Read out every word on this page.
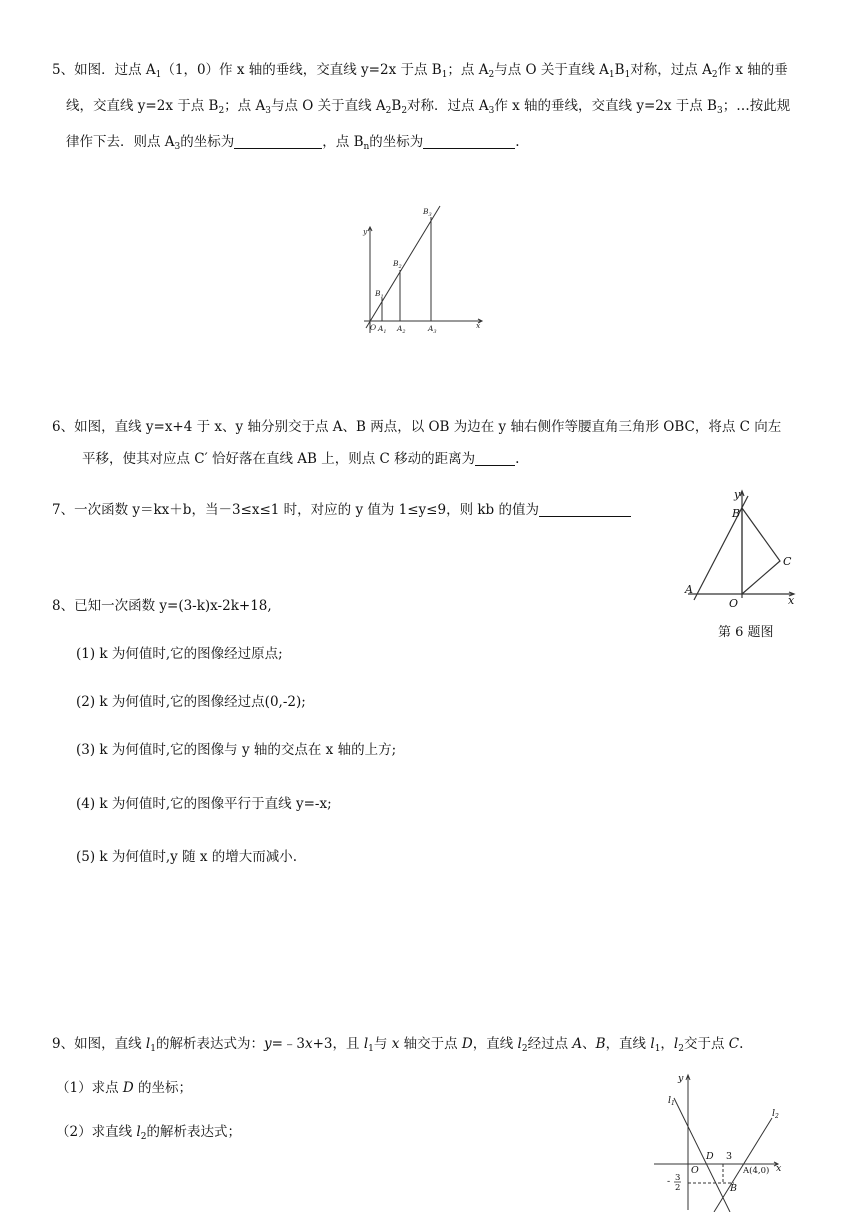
5、如图．过点 $A_1(1$，0）作 x 轴的垂线，交直线 y=2x 于点 $B_1$；点 $A_2$与点 O 关于直线 $A_1B_1$对称，过点 $A_2$作 x 轴的垂
线，交直线 y=2x 于点 $B_2$；点 $A_3$与点 O 关于直线 $A_2B_2$对称．过点 $A_3$作 x 轴的垂线，交直线 y=2x 于点 $B_3$；…按此规
律作下去．则点 $A_3$的坐标为	，点 $B_n$的坐标为	.
y
x
O $A_1$ $A_2$	$A_3$
$B_1$
$B_2$
$B_3$
6、如图，直线 y=x+4 于 x、y 轴分别交于点 A、B 两点，以 OB 为边在 y 轴右侧作等腰直角三角形 OBC，将点 C 向左
平移，使其对应点 C′ 恰好落在直线 AB 上，则点 C 移动的距离为	.
7、一次函数 y＝kx＋b，当－3≤x≤1 时，对应的 y 值为 1≤y≤9，则 kb 的值为
y
x
B
C
A
O
第 6 题图
8、已知一次函数 y=(3-k)x-2k+18,
(1) k 为何值时,它的图像经过原点;
(2) k 为何值时,它的图像经过点(0,-2);
(3) k 为何值时,它的图像与 y 轴的交点在 x 轴的上方;
(4) k 为何值时,它的图像平行于直线 y=-x;
(5) k 为何值时,y 随 x 的增大而减小.
9、如图，直线 $l_1$的解析表达式为：y=﹣3x+3，且 $l_1$与 x 轴交于点 D，直线 $l_2$经过点 A、B，直线 $l_1$，$l_2$交于点 C.
（1）求点 D 的坐标；
（2）求直线 $l_2$的解析表达式；
y
x
$l_1$
$l_2$
D 3
O	A(4,0)
B
- 3
2
